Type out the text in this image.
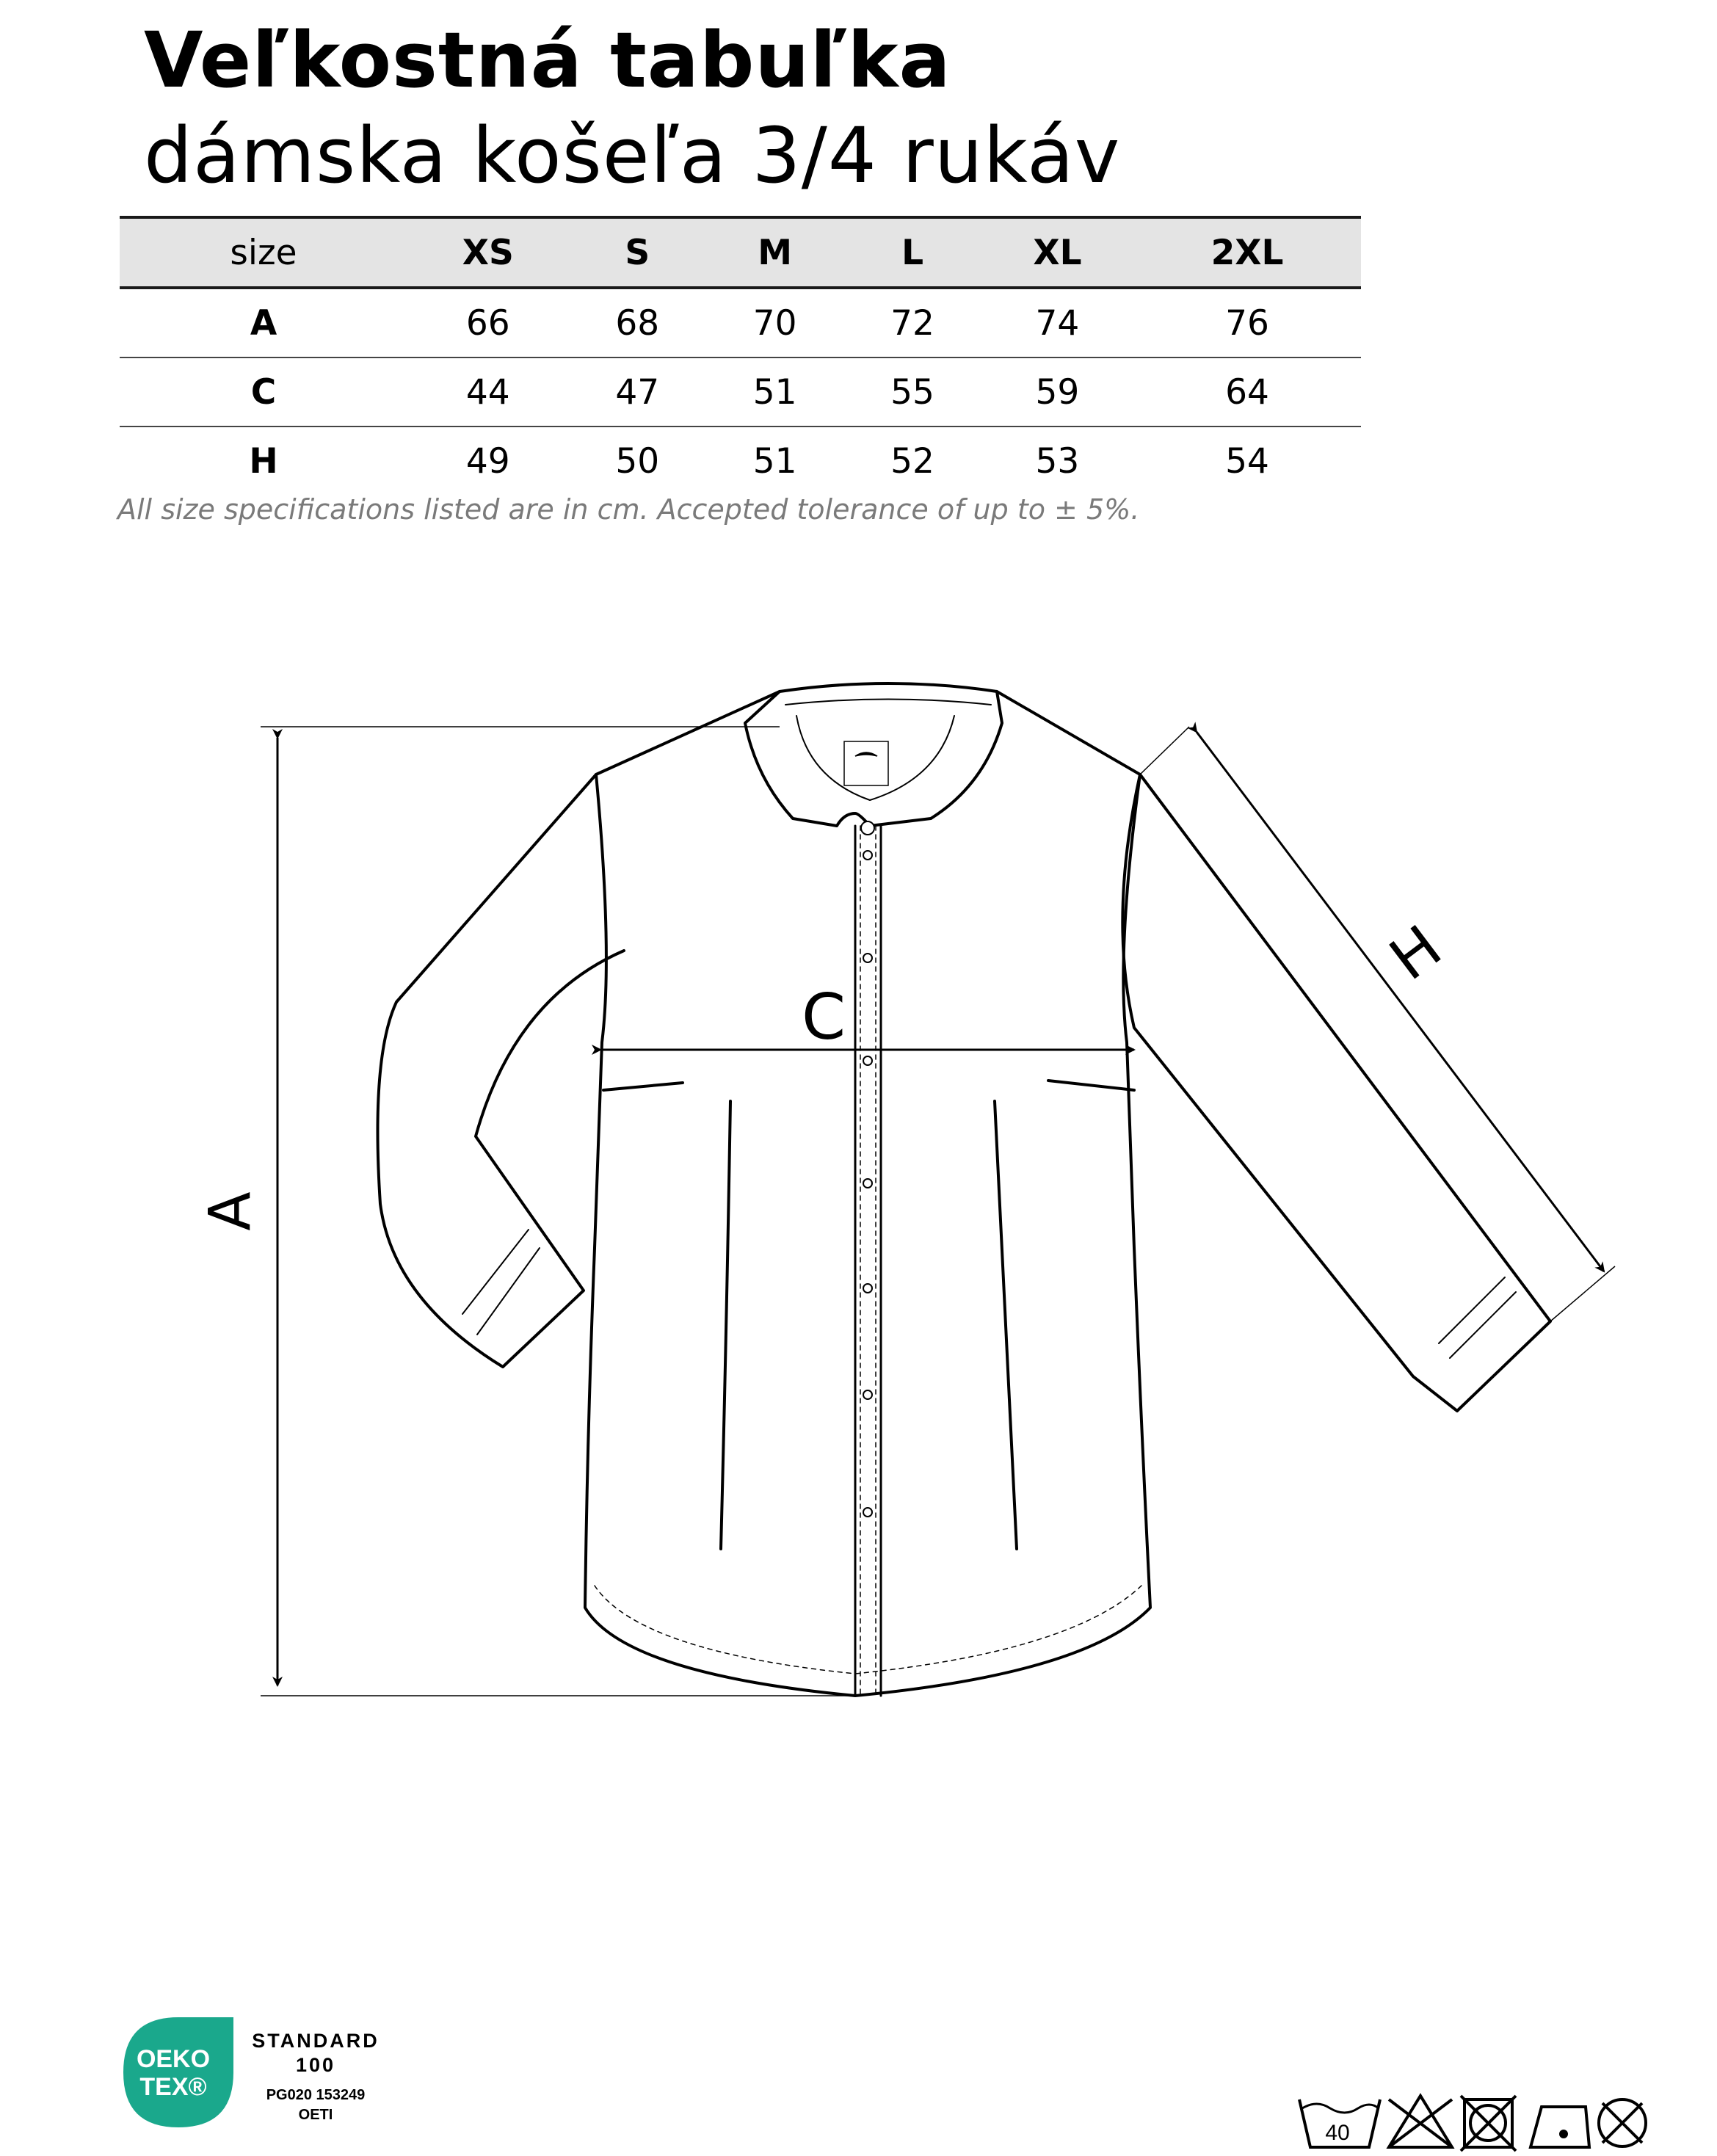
Veľkostná tabuľka
dámska košeľa 3/4 rukáv
size	XS	S	M	L	XL	2XL
A	66	68	70	72	74	76
C	44	47	51	55	59	64
H	49	50	51	52	53	54

All size specifications listed are in cm. Accepted tolerance of up to ± 5%.

A
C
H
40
OEKO
TEX®
STANDARD
100
PG020 153249
OETI
